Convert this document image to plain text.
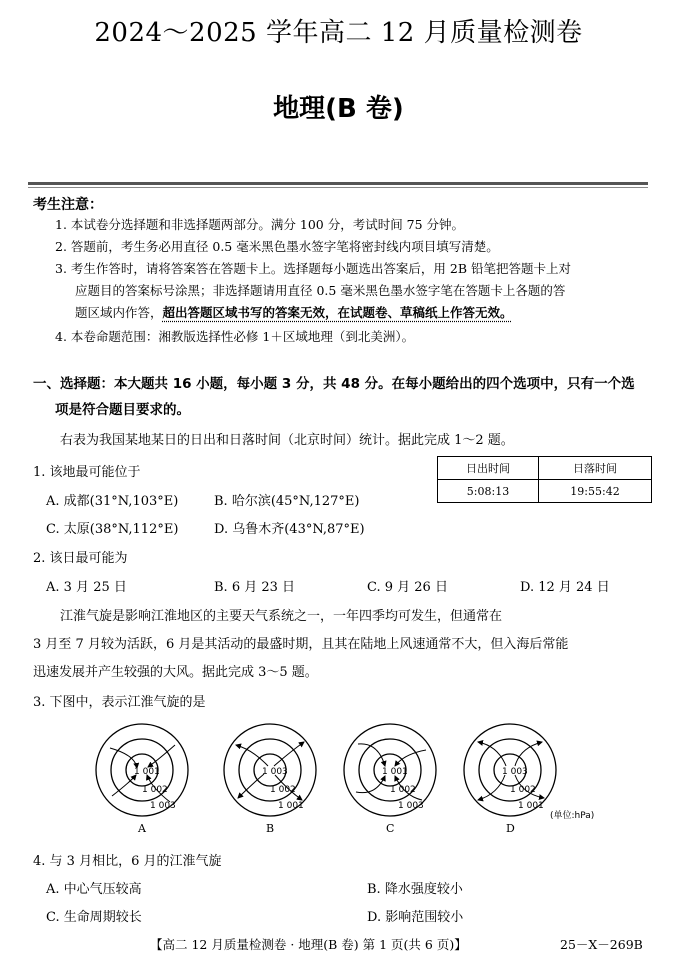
2024～2025 学年高二 12 月质量检测卷
地理(B 卷)
考生注意：
1. 本试卷分选择题和非选择题两部分。满分 100 分，考试时间 75 分钟。
2. 答题前，考生务必用直径 0.5 毫米黑色墨水签字笔将密封线内项目填写清楚。
3. 考生作答时，请将答案答在答题卡上。选择题每小题选出答案后，用 2B 铅笔把答题卡上对
应题目的答案标号涂黑；非选择题请用直径 0.5 毫米黑色墨水签字笔在答题卡上各题的答
题区域内作答，超出答题区域书写的答案无效，在试题卷、草稿纸上作答无效。
4. 本卷命题范围：湘教版选择性必修 1＋区域地理（到北美洲）。
一、选择题：本大题共 16 小题，每小题 3 分，共 48 分。在每小题给出的四个选项中，只有一个选
项是符合题目要求的。
右表为我国某地某日的日出和日落时间（北京时间）统计。据此完成 1～2 题。
日出时间	日落时间
5:08:13	19:55:42
1. 该地最可能位于
A. 成都(31°N,103°E)	B. 哈尔滨(45°N,127°E)
C. 太原(38°N,112°E)	D. 乌鲁木齐(43°N,87°E)
2. 该日最可能为
A. 3 月 25 日	B. 6 月 23 日	C. 9 月 26 日	D. 12 月 24 日
江淮气旋是影响江淮地区的主要天气系统之一，一年四季均可发生，但通常在
3 月至 7 月较为活跃，6 月是其活动的最盛时期，且其在陆地上风速通常不大，但入海后常能
迅速发展并产生较强的大风。据此完成 3～5 题。
3. 下图中，表示江淮气旋的是
1 001
1 002
1 003
A
1 003
1 002
1 001
B
1 001
1 002
1 003
C
1 003
1 002
1 001
D
(单位:hPa)
4. 与 3 月相比，6 月的江淮气旋
A. 中心气压较高	B. 降水强度较小
C. 生命周期较长	D. 影响范围较小
【高二 12 月质量检测卷 · 地理(B 卷) 第 1 页(共 6 页)】	25－X－269B
